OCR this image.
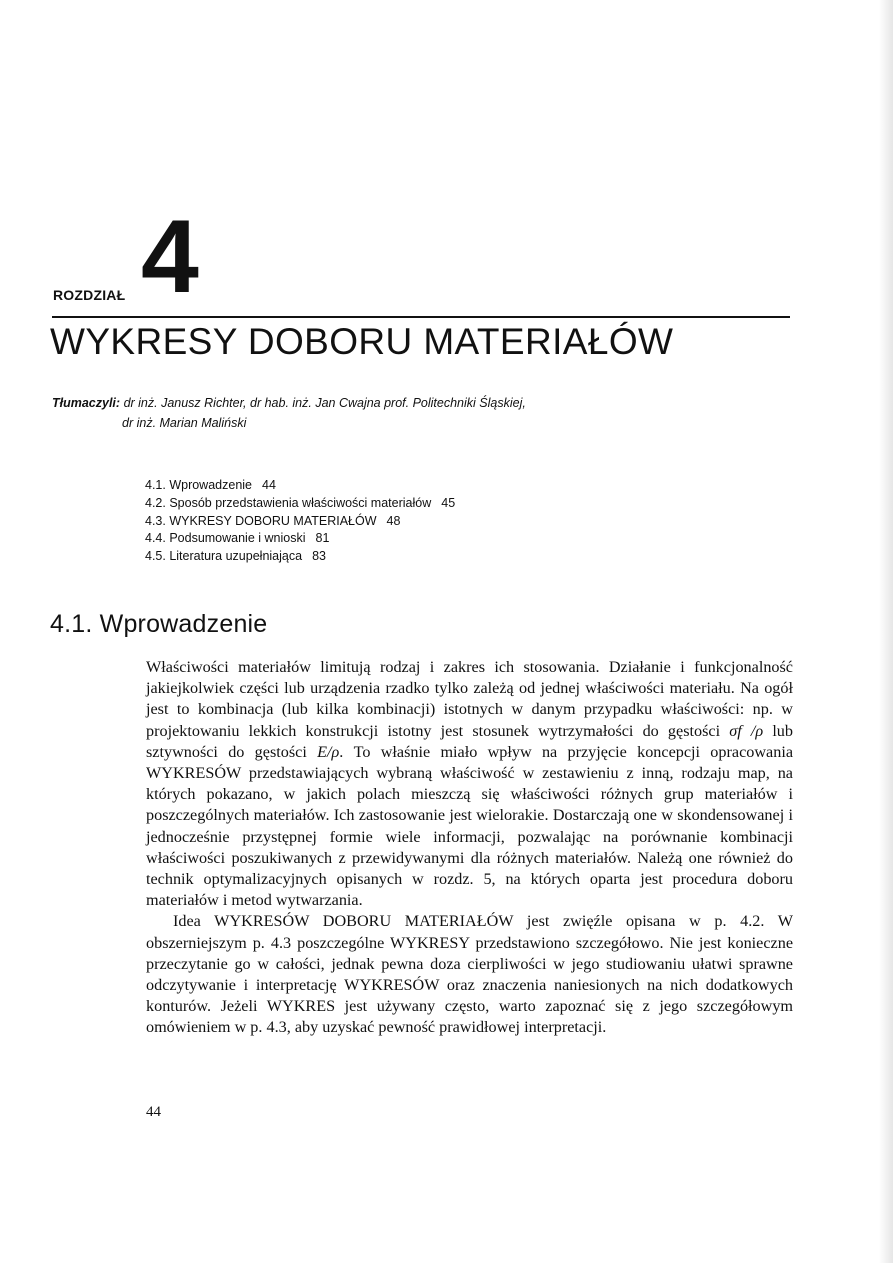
ROZDZIAŁ 4
WYKRESY DOBORU MATERIAŁÓW
Tłumaczyli: dr inż. Janusz Richter, dr hab. inż. Jan Cwajna prof. Politechniki Śląskiej,
dr inż. Marian Maliński
4.1. Wprowadzenie 44
4.2. Sposób przedstawienia właściwości materiałów 45
4.3. WYKRESY DOBORU MATERIAŁÓW 48
4.4. Podsumowanie i wnioski 81
4.5. Literatura uzupełniająca 83
4.1. Wprowadzenie

Właściwości materiałów limitują rodzaj i zakres ich stosowania. Działanie i funkcjonalność jakiejkolwiek części lub urządzenia rzadko tylko zależą od jednej właściwości materiału. Na ogół jest to kombinacja (lub kilka kombinacji) istotnych w danym przypadku właściwości: np. w projektowaniu lekkich konstrukcji istotny jest stosunek wytrzymałości do gęstości σf /ρ lub sztywności do gęstości E/ρ. To właśnie miało wpływ na przyjęcie koncepcji opracowania WYKRESÓW przedstawiających wybraną właściwość w zestawieniu z inną, rodzaju map, na których pokazano, w jakich polach mieszczą się właściwości różnych grup materiałów i poszczególnych materiałów. Ich zastosowanie jest wielorakie. Dostarczają one w skondensowanej i jednocześnie przystępnej formie wiele informacji, pozwalając na porównanie kombinacji właściwości poszukiwanych z przewidywanymi dla różnych materiałów. Należą one również do technik optymalizacyjnych opisanych w rozdz. 5, na których oparta jest procedura doboru materiałów i metod wytwarzania.

Idea WYKRESÓW DOBORU MATERIAŁÓW jest zwięźle opisana w p. 4.2. W obszerniejszym p. 4.3 poszczególne WYKRESY przedstawiono szczegółowo. Nie jest konieczne przeczytanie go w całości, jednak pewna doza cierpliwości w jego studiowaniu ułatwi sprawne odczytywanie i interpretację WYKRESÓW oraz znaczenia naniesionych na nich dodatkowych konturów. Jeżeli WYKRES jest używany często, warto zapoznać się z jego szczegółowym omówieniem w p. 4.3, aby uzyskać pewność prawidłowej interpretacji.

44
